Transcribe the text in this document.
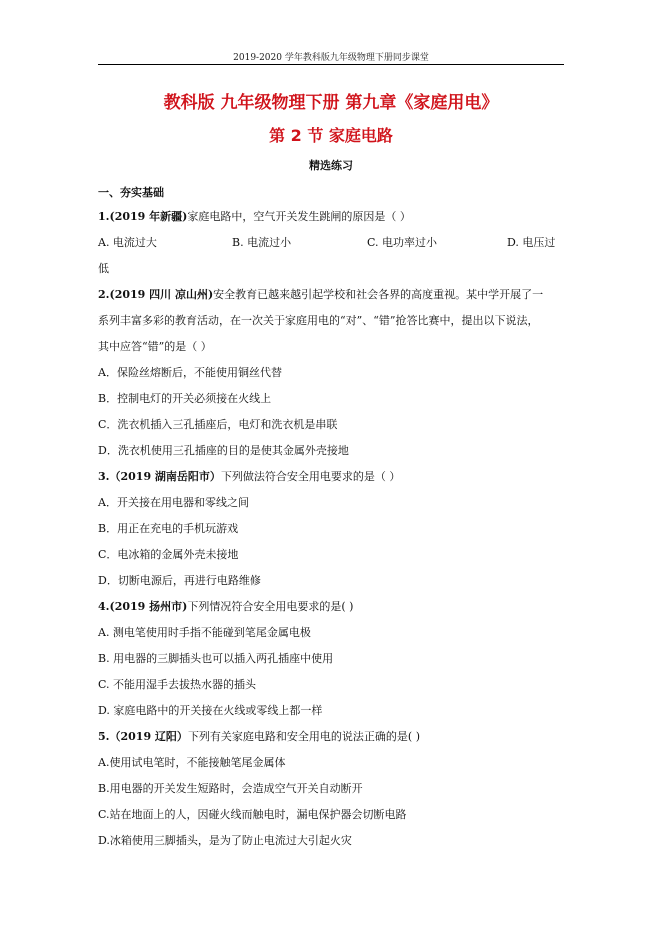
2019-2020 学年教科版九年级物理下册同步课堂
教科版 九年级物理下册 第九章《家庭用电》
第 2 节 家庭电路
精选练习
一、夯实基础
1.(2019 年新疆)家庭电路中，空气开关发生跳闸的原因是（ ）
A. 电流过大	B. 电流过小	C. 电功率过小	D. 电压过
低
2.(2019 四川 凉山州)安全教育已越来越引起学校和社会各界的高度重视。某中学开展了一
系列丰富多彩的教育活动，在一次关于家庭用电的“对”、“错”抢答比赛中，提出以下说法，
其中应答“错”的是（ ）
A．保险丝熔断后，不能使用铜丝代替
B．控制电灯的开关必须接在火线上
C．洗衣机插入三孔插座后，电灯和洗衣机是串联
D．洗衣机使用三孔插座的目的是使其金属外壳接地
3.（2019 湖南岳阳市）下列做法符合安全用电要求的是（ ）
A．开关接在用电器和零线之间
B．用正在充电的手机玩游戏
C．电冰箱的金属外壳未接地
D．切断电源后，再进行电路维修
4.(2019 扬州市)下列情况符合安全用电要求的是( )
A. 测电笔使用时手指不能碰到笔尾金属电极
B. 用电器的三脚插头也可以插入两孔插座中使用
C. 不能用湿手去拔热水器的插头
D. 家庭电路中的开关接在火线或零线上都一样
5.（2019 辽阳）下列有关家庭电路和安全用电的说法正确的是( )
A.使用试电笔时，不能接触笔尾金属体
B.用电器的开关发生短路时，会造成空气开关自动断开
C.站在地面上的人，因碰火线而触电时，漏电保护器会切断电路
D.冰箱使用三脚插头，是为了防止电流过大引起火灾
